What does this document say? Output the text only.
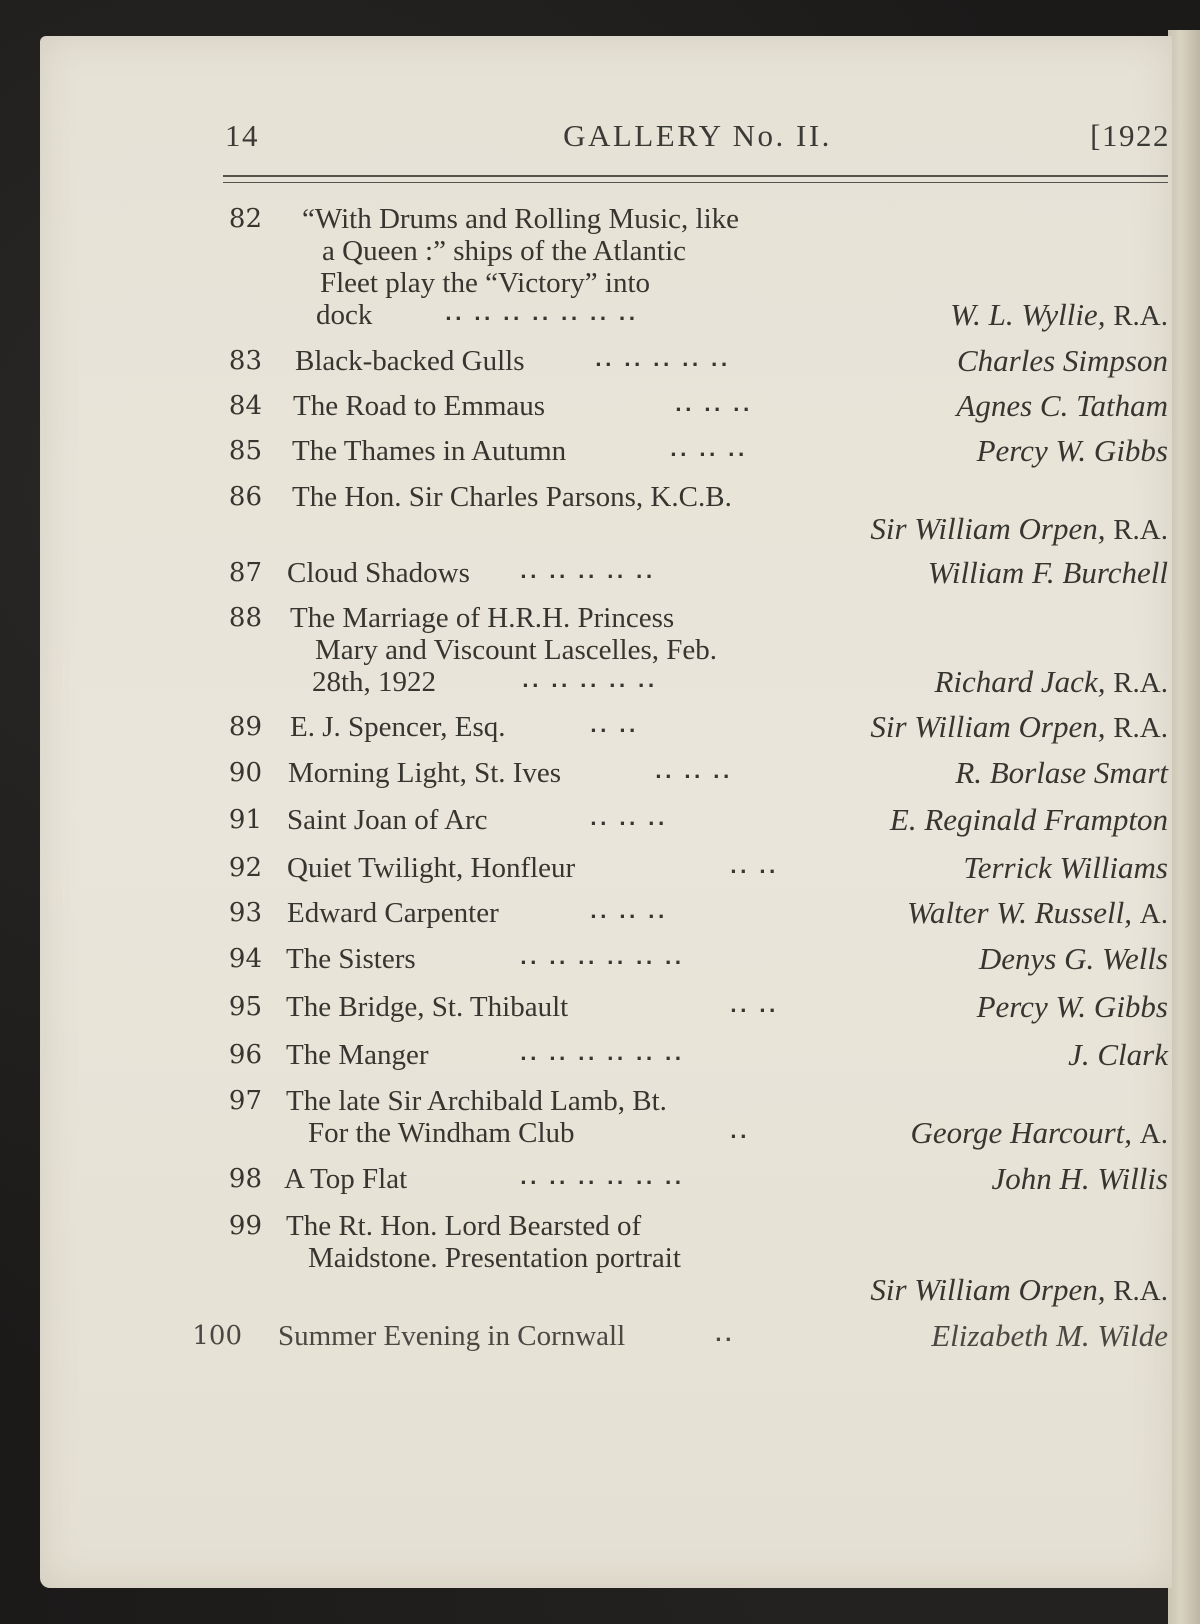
14	GALLERY No. II.	[1922
82 “With Drums and Rolling Music, like
a Queen :” ships of the Atlantic
Fleet play the “Victory” into
dock	.. .. .. .. .. .. ..	W. L. Wyllie, R.A.
83 Black-backed Gulls	.. .. .. .. ..	Charles Simpson
84 The Road to Emmaus	.. .. ..	Agnes C. Tatham
85 The Thames in Autumn	.. .. ..	Percy W. Gibbs
86 The Hon. Sir Charles Parsons, K.C.B.
Sir William Orpen, R.A.
87 Cloud Shadows	.. .. .. .. ..	William F. Burchell
88 The Marriage of H.R.H. Princess
Mary and Viscount Lascelles, Feb.
28th, 1922	.. .. .. .. ..	Richard Jack, R.A.
89 E. J. Spencer, Esq.	.. ..	Sir William Orpen, R.A.
90 Morning Light, St. Ives	.. .. ..	R. Borlase Smart
91 Saint Joan of Arc	.. .. ..	E. Reginald Frampton
92 Quiet Twilight, Honfleur	.. ..	Terrick Williams
93 Edward Carpenter	.. .. ..	Walter W. Russell, A.
94 The Sisters	.. .. .. .. .. ..	Denys G. Wells
95 The Bridge, St. Thibault	.. ..	Percy W. Gibbs
96 The Manger	.. .. .. .. .. ..	J. Clark
97 The late Sir Archibald Lamb, Bt.
For the Windham Club	..	George Harcourt, A.
98 A Top Flat	.. .. .. .. .. ..	John H. Willis
99 The Rt. Hon. Lord Bearsted of
Maidstone. Presentation portrait
Sir William Orpen, R.A.
100 Summer Evening in Cornwall	..	Elizabeth M. Wilde
